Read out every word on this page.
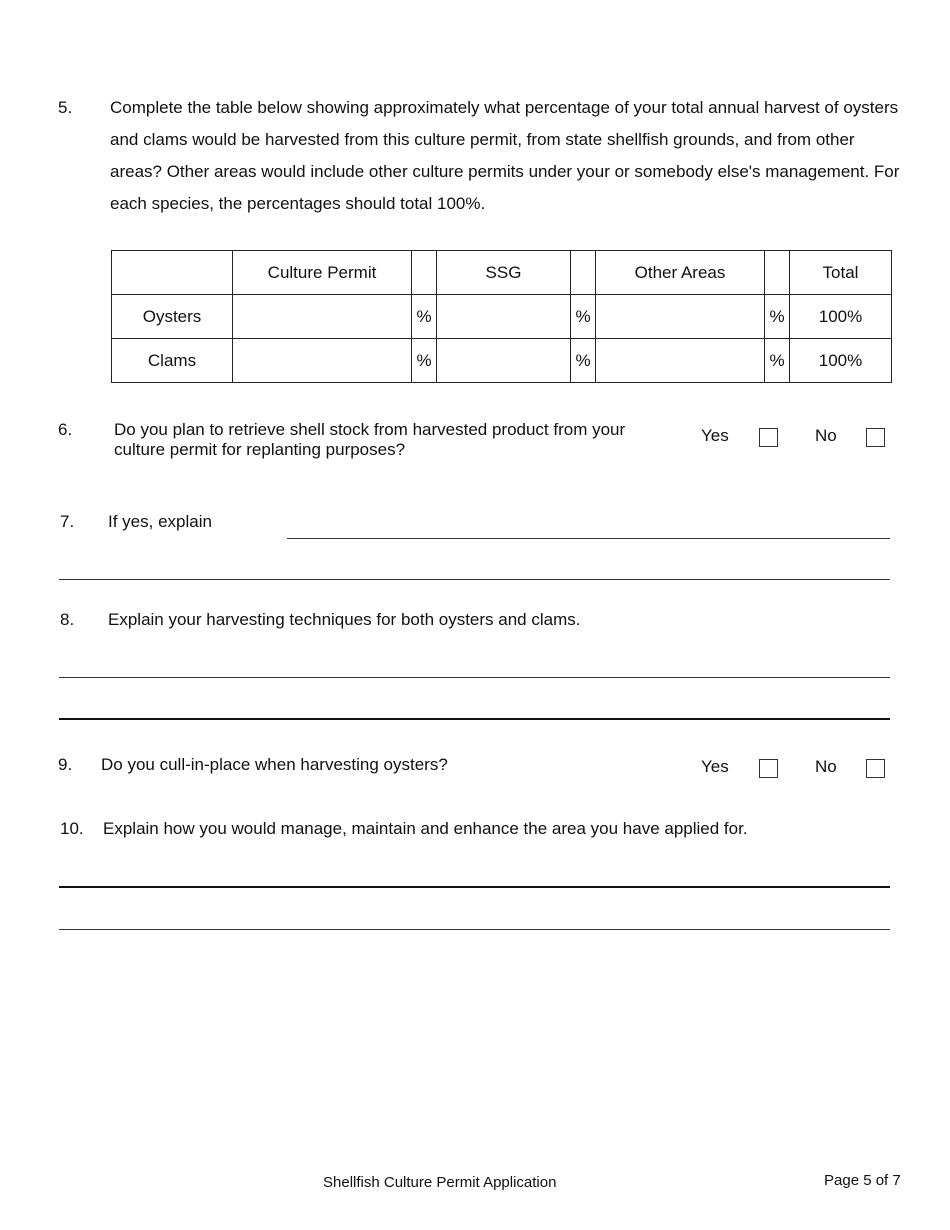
5. Complete the table below showing approximately what percentage of your total annual harvest of oysters and clams would be harvested from this culture permit, from state shellfish grounds, and from other areas? Other areas would include other culture permits under your or somebody else's management. For each species, the percentages should total 100%.
	Culture Permit		SSG		Other Areas		Total
Oysters		%		%		%	100%
Clams		%		%		%	100%
6. Do you plan to retrieve shell stock from harvested product from your
culture permit for replanting purposes?
Yes	No
7. If yes, explain
8. Explain your harvesting techniques for both oysters and clams.
9. Do you cull-in-place when harvesting oysters?	Yes	No
10. Explain how you would manage, maintain and enhance the area you have applied for.
Shellfish Culture Permit Application	Page 5 of 7
